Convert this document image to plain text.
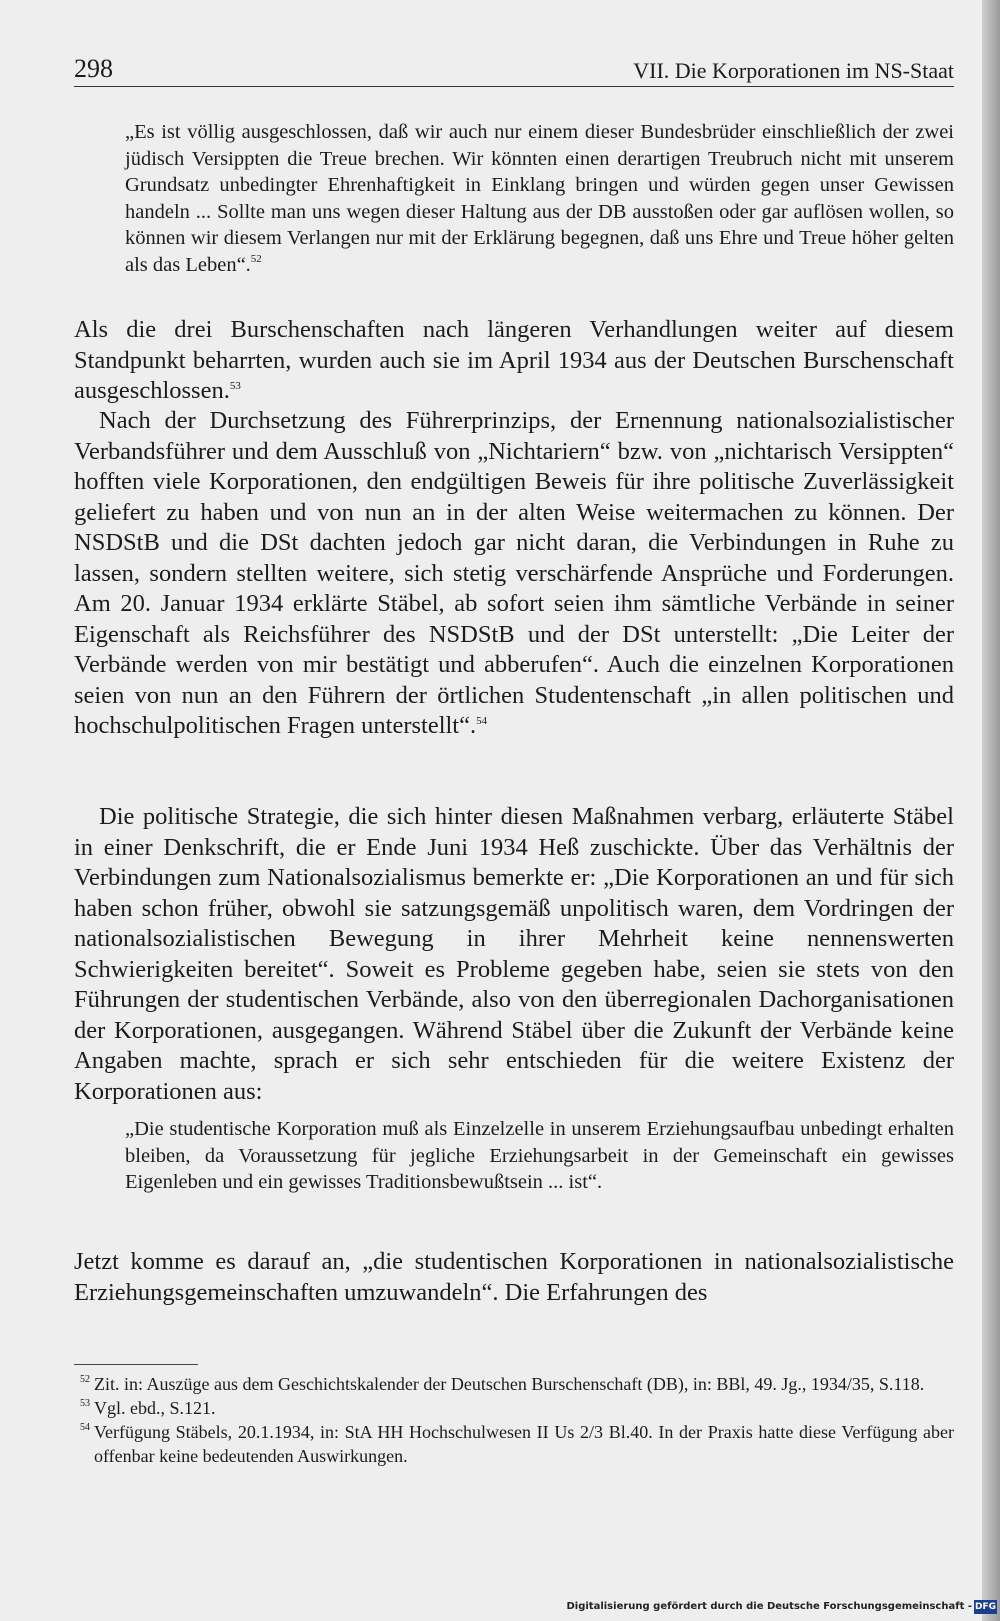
298	VII. Die Korporationen im NS-Staat

„Es ist völlig ausgeschlossen, daß wir auch nur einem dieser Bundesbrüder einschließlich der zwei jüdisch Versippten die Treue brechen. Wir könnten einen derartigen Treubruch nicht mit unserem Grundsatz unbedingter Ehrenhaftigkeit in Einklang bringen und würden gegen unser Gewissen handeln ... Sollte man uns wegen dieser Haltung aus der DB ausstoßen oder gar auflösen wollen, so können wir diesem Verlangen nur mit der Erklärung begegnen, daß uns Ehre und Treue höher gelten als das Leben“.$^{52}$

Als die drei Burschenschaften nach längeren Verhandlungen weiter auf diesem Standpunkt beharrten, wurden auch sie im April 1934 aus der Deutschen Burschenschaft ausgeschlossen.$^{53}$

Nach der Durchsetzung des Führerprinzips, der Ernennung nationalsozialistischer Verbandsführer und dem Ausschluß von „Nichtariern“ bzw. von „nichtarisch Versippten“ hofften viele Korporationen, den endgültigen Beweis für ihre politische Zuverlässigkeit geliefert zu haben und von nun an in der alten Weise weitermachen zu können. Der NSDStB und die DSt dachten jedoch gar nicht daran, die Verbindungen in Ruhe zu lassen, sondern stellten weitere, sich stetig verschärfende Ansprüche und Forderungen. Am 20. Januar 1934 erklärte Stäbel, ab sofort seien ihm sämtliche Verbände in seiner Eigenschaft als Reichsführer des NSDStB und der DSt unterstellt: „Die Leiter der Verbände werden von mir bestätigt und abberufen“. Auch die einzelnen Korporationen seien von nun an den Führern der örtlichen Studentenschaft „in allen politischen und hochschulpolitischen Fragen unterstellt“.$^{54}$

Die politische Strategie, die sich hinter diesen Maßnahmen verbarg, erläuterte Stäbel in einer Denkschrift, die er Ende Juni 1934 Heß zuschickte. Über das Verhältnis der Verbindungen zum Nationalsozialismus bemerkte er: „Die Korporationen an und für sich haben schon früher, obwohl sie satzungsgemäß unpolitisch waren, dem Vordringen der nationalsozialistischen Bewegung in ihrer Mehrheit keine nennenswerten Schwierigkeiten bereitet“. Soweit es Probleme gegeben habe, seien sie stets von den Führungen der studentischen Verbände, also von den überregionalen Dachorganisationen der Korporationen, ausgegangen. Während Stäbel über die Zukunft der Verbände keine Angaben machte, sprach er sich sehr entschieden für die weitere Existenz der Korporationen aus:

„Die studentische Korporation muß als Einzelzelle in unserem Erziehungsaufbau unbedingt erhalten bleiben, da Voraussetzung für jegliche Erziehungsarbeit in der Gemeinschaft ein gewisses Eigenleben und ein gewisses Traditionsbewußtsein ... ist“.

Jetzt komme es darauf an, „die studentischen Korporationen in nationalsozialistische Erziehungsgemeinschaften umzuwandeln“. Die Erfahrungen des

52 Zit. in: Auszüge aus dem Geschichtskalender der Deutschen Burschenschaft (DB), in: BBl, 49. Jg., 1934/35, S.118.

53 Vgl. ebd., S.121.

54 Verfügung Stäbels, 20.1.1934, in: StA HH Hochschulwesen II Us 2/3 Bl.40. In der Praxis hatte diese Verfügung aber offenbar keine bedeutenden Auswirkungen.

Digitalisierung gefördert durch die Deutsche Forschungsgemeinschaft - DFG
